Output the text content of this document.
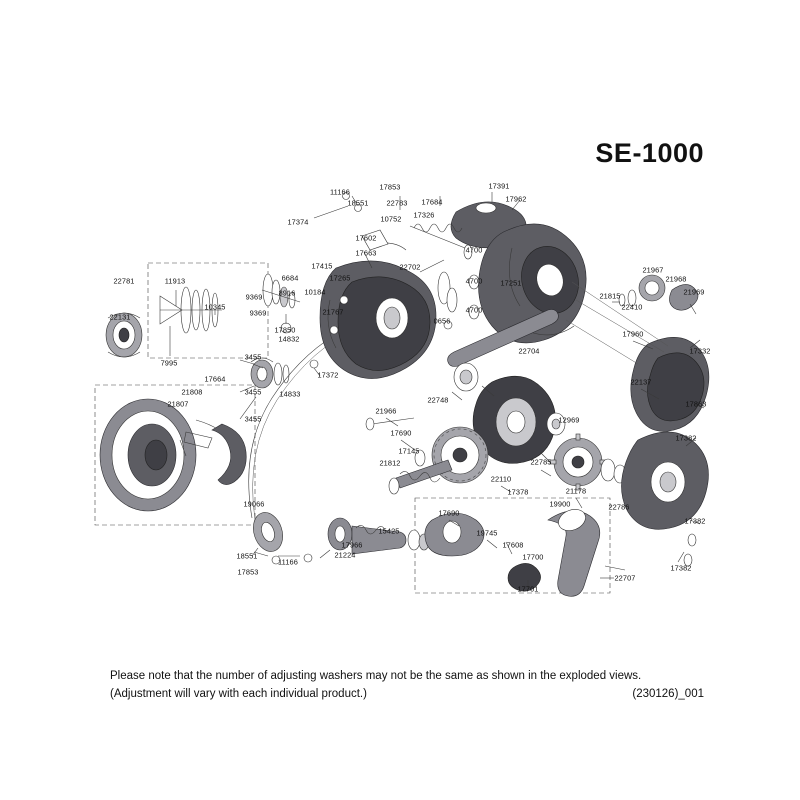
SE-1000
Please note that the number of adjusting washers may not be the same as shown in the exploded views.
(Adjustment will vary with each individual product.)	(230126)_001
11166
17853	17391
18551 22783	17962
17374
17684
17326
10752
17602
17663	4700
17415	22702
17251
22781	11913	6684	17265
21967
21968
9369 8916 10184	21815
22410
21969
22131	9369
4700
10345	4700
0656
17960
17332
17850
21767
7995
14832
22704
3455
22137
17372
17664
14833
17863
21808	3455
22748
12969
21807
3455
21966
17382
17690
17145
21812	22785
22110
17378	21178
19066	19900
17690
19745
22786
17382
15425
17608
17700
17966
21224
18551
11166
17853
22707
17382
17701
